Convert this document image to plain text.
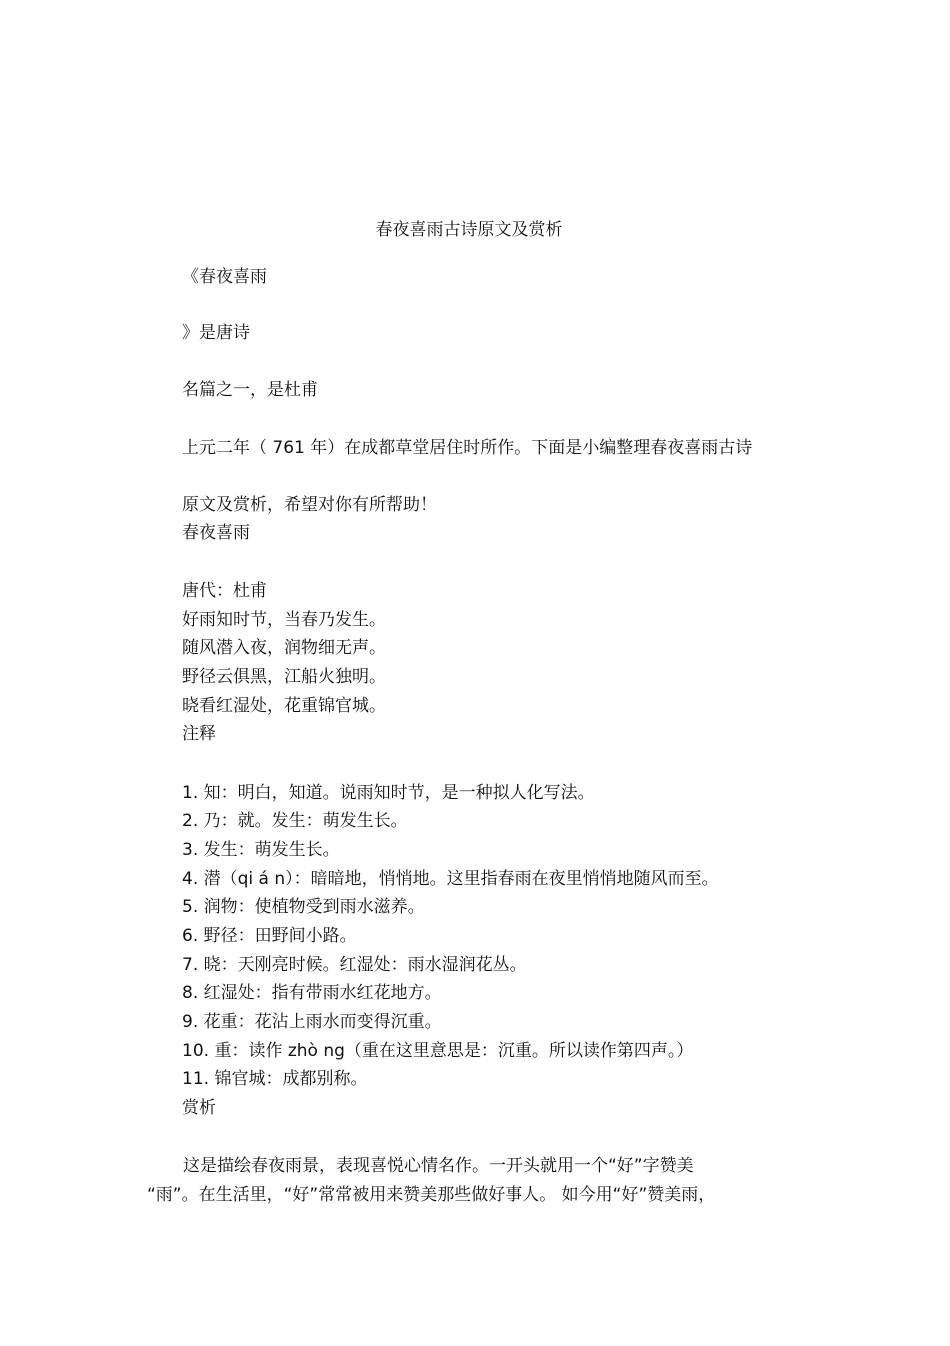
春夜喜雨古诗原文及赏析
《春夜喜雨
》是唐诗
名篇之一，是杜甫
上元二年（ 761 年）在成都草堂居住时所作。下面是小编整理春夜喜雨古诗
原文及赏析，希望对你有所帮助！
春夜喜雨
唐代：杜甫
好雨知时节，当春乃发生。
随风潜入夜，润物细无声。
野径云俱黑，江船火独明。
晓看红湿处，花重锦官城。
注释
1. 知：明白，知道。说雨知时节，是一种拟人化写法。
2. 乃：就。发生：萌发生长。
3. 发生：萌发生长。
4. 潜（qi á n）：暗暗地，悄悄地。这里指春雨在夜里悄悄地随风而至。
5. 润物：使植物受到雨水滋养。
6. 野径：田野间小路。
7. 晓：天刚亮时候。红湿处：雨水湿润花丛。
8. 红湿处：指有带雨水红花地方。
9. 花重：花沾上雨水而变得沉重。
10. 重：读作 zhò ng（重在这里意思是：沉重。所以读作第四声。）
11. 锦官城：成都别称。
赏析
这是描绘春夜雨景，表现喜悦心情名作。一开头就用一个“好”字赞美
“雨”。在生活里，“好”常常被用来赞美那些做好事人。 如今用“好”赞美雨，
